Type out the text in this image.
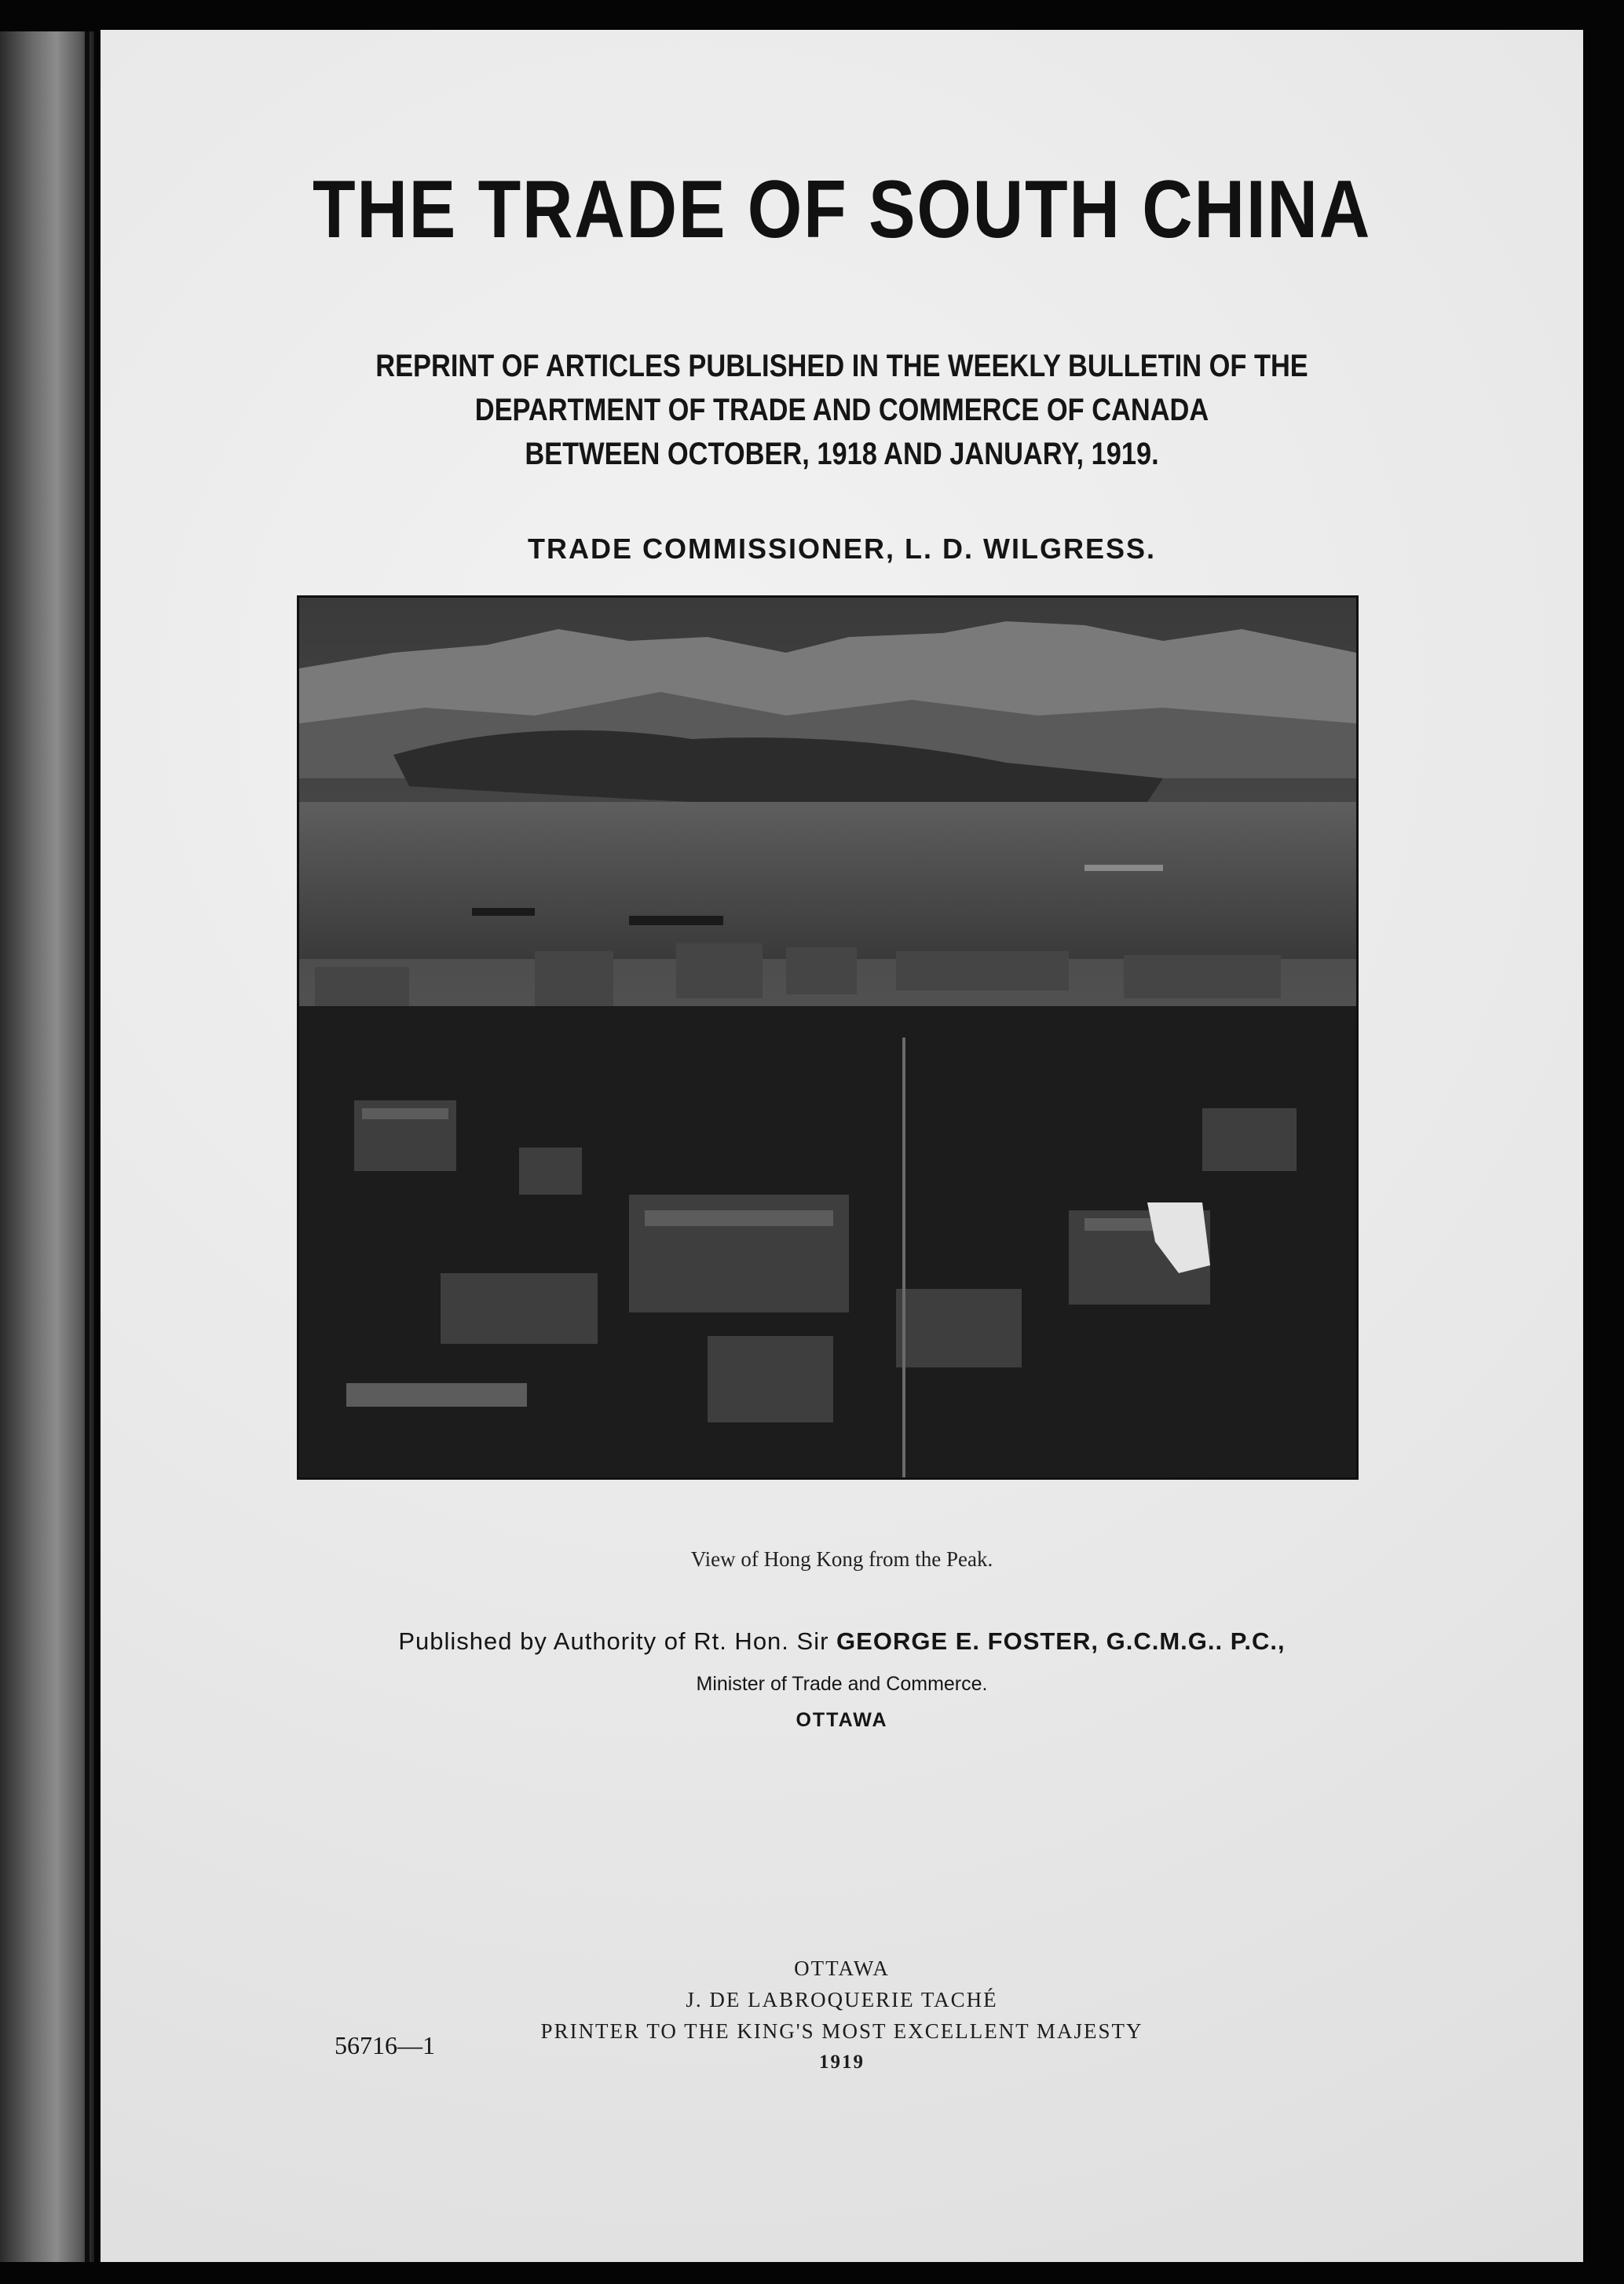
THE TRADE OF SOUTH CHINA
REPRINT OF ARTICLES PUBLISHED IN THE WEEKLY BULLETIN OF THE
DEPARTMENT OF TRADE AND COMMERCE OF CANADA
BETWEEN OCTOBER, 1918 AND JANUARY, 1919.
TRADE COMMISSIONER, L. D. WILGRESS.
View of Hong Kong from the Peak.
Published by Authority of Rt. Hon. Sir GEORGE E. FOSTER, G.C.M.G.. P.C.,
Minister of Trade and Commerce.
OTTAWA
OTTAWA
J. DE LABROQUERIE TACHÉ
PRINTER TO THE KING'S MOST EXCELLENT MAJESTY
1919
56716—1
